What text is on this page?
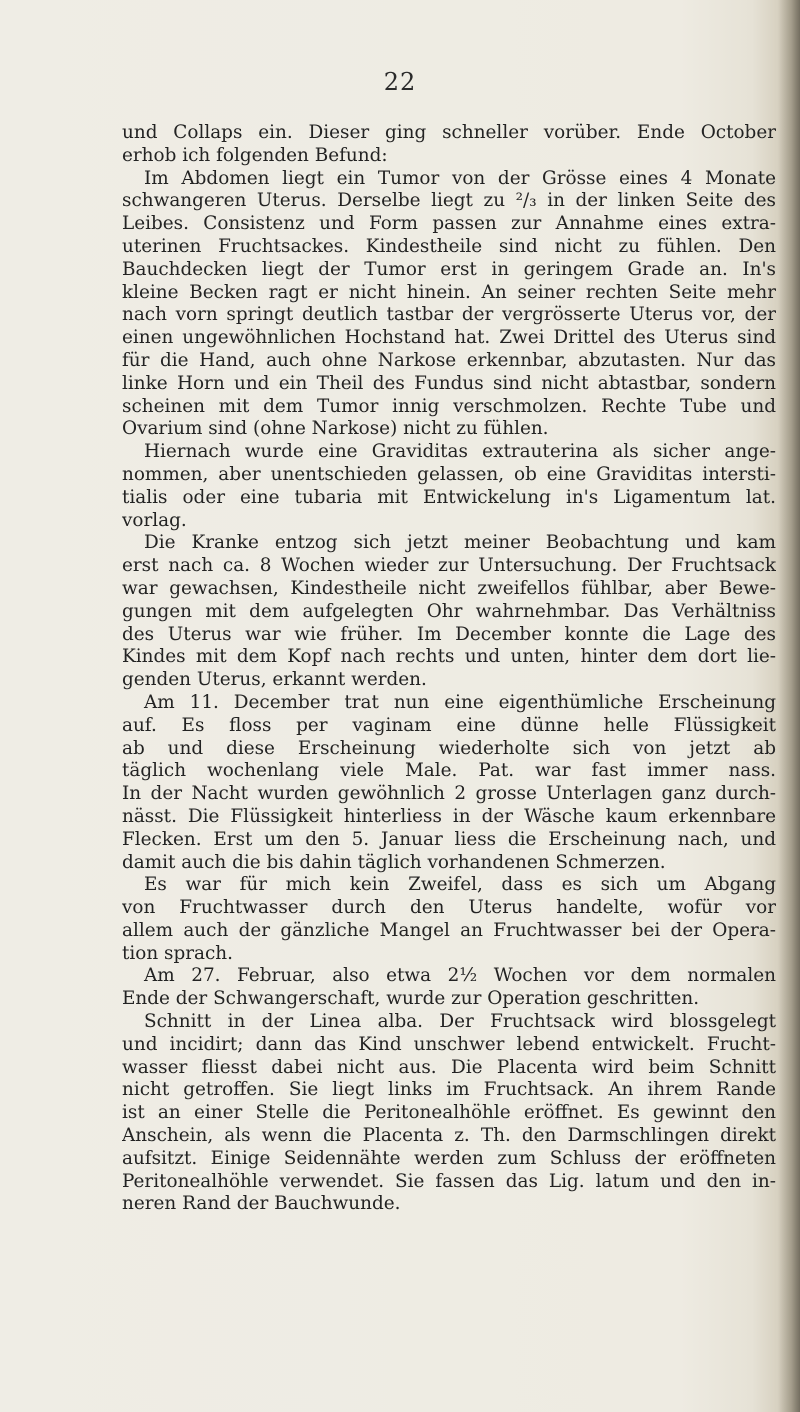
22
und Collaps ein. Dieser ging schneller vorüber. Ende October
erhob ich folgenden Befund:
Im Abdomen liegt ein Tumor von der Grösse eines 4 Monate
schwangeren Uterus. Derselbe liegt zu ²/₃ in der linken Seite des
Leibes. Consistenz und Form passen zur Annahme eines extra-
uterinen Fruchtsackes. Kindestheile sind nicht zu fühlen. Den
Bauchdecken liegt der Tumor erst in geringem Grade an. In's
kleine Becken ragt er nicht hinein. An seiner rechten Seite mehr
nach vorn springt deutlich tastbar der vergrösserte Uterus vor, der
einen ungewöhnlichen Hochstand hat. Zwei Drittel des Uterus sind
für die Hand, auch ohne Narkose erkennbar, abzutasten. Nur das
linke Horn und ein Theil des Fundus sind nicht abtastbar, sondern
scheinen mit dem Tumor innig verschmolzen. Rechte Tube und
Ovarium sind (ohne Narkose) nicht zu fühlen.
Hiernach wurde eine Graviditas extrauterina als sicher ange-
nommen, aber unentschieden gelassen, ob eine Graviditas intersti-
tialis oder eine tubaria mit Entwickelung in's Ligamentum lat.
vorlag.
Die Kranke entzog sich jetzt meiner Beobachtung und kam
erst nach ca. 8 Wochen wieder zur Untersuchung. Der Fruchtsack
war gewachsen, Kindestheile nicht zweifellos fühlbar, aber Bewe-
gungen mit dem aufgelegten Ohr wahrnehmbar. Das Verhältniss
des Uterus war wie früher. Im December konnte die Lage des
Kindes mit dem Kopf nach rechts und unten, hinter dem dort lie-
genden Uterus, erkannt werden.
Am 11. December trat nun eine eigenthümliche Erscheinung
auf. Es floss per vaginam eine dünne helle Flüssigkeit
ab und diese Erscheinung wiederholte sich von jetzt ab
täglich wochenlang viele Male. Pat. war fast immer nass.
In der Nacht wurden gewöhnlich 2 grosse Unterlagen ganz durch-
nässt. Die Flüssigkeit hinterliess in der Wäsche kaum erkennbare
Flecken. Erst um den 5. Januar liess die Erscheinung nach, und
damit auch die bis dahin täglich vorhandenen Schmerzen.
Es war für mich kein Zweifel, dass es sich um Abgang
von Fruchtwasser durch den Uterus handelte, wofür vor
allem auch der gänzliche Mangel an Fruchtwasser bei der Opera-
tion sprach.
Am 27. Februar, also etwa 2½ Wochen vor dem normalen
Ende der Schwangerschaft, wurde zur Operation geschritten.
Schnitt in der Linea alba. Der Fruchtsack wird blossgelegt
und incidirt; dann das Kind unschwer lebend entwickelt. Frucht-
wasser fliesst dabei nicht aus. Die Placenta wird beim Schnitt
nicht getroffen. Sie liegt links im Fruchtsack. An ihrem Rande
ist an einer Stelle die Peritonealhöhle eröffnet. Es gewinnt den
Anschein, als wenn die Placenta z. Th. den Darmschlingen direkt
aufsitzt. Einige Seidennähte werden zum Schluss der eröffneten
Peritonealhöhle verwendet. Sie fassen das Lig. latum und den in-
neren Rand der Bauchwunde.
